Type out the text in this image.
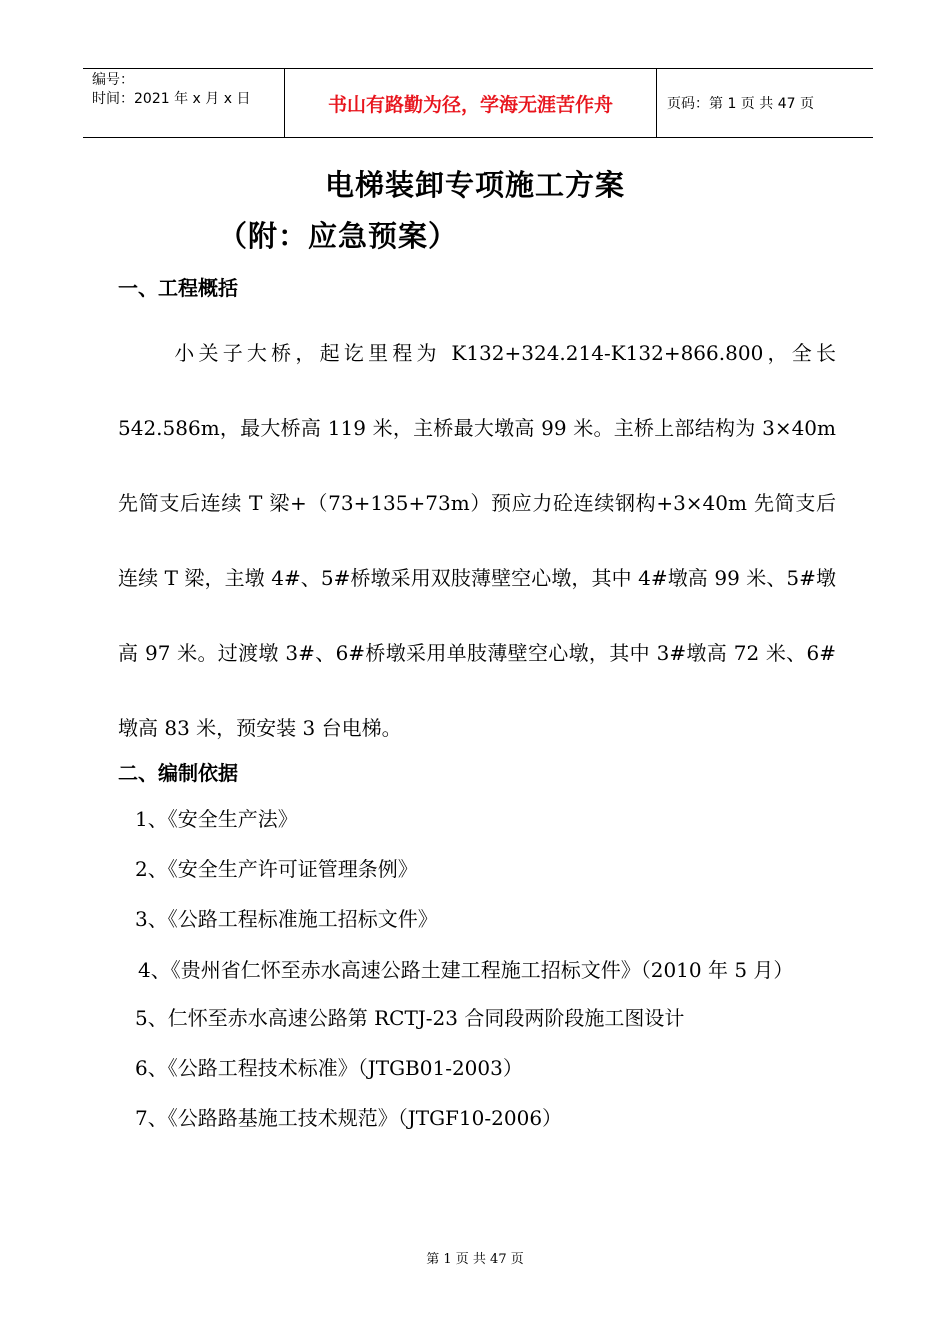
编号：
时间：2021 年 x 月 x 日	书山有路勤为径，学海无涯苦作舟	页码：第 1 页 共 47 页
电梯装卸专项施工方案
（附：应急预案）
一、工程概括
小关子大桥，起讫里程为 K132+324.214-K132+866.800，全长 542.586m，最大桥高 119 米，主桥最大墩高 99 米。主桥上部结构为 3×40m 先简支后连续 T 梁+（73+135+73m）预应力砼连续钢构+3×40m 先简支后连续 T 梁，主墩 4#、5#桥墩采用双肢薄壁空心墩，其中 4#墩高 99 米、5#墩高 97 米。过渡墩 3#、6#桥墩采用单肢薄壁空心墩，其中 3#墩高 72 米、6#墩高 83 米，预安装 3 台电梯。
二、编制依据
1、《安全生产法》
2、《安全生产许可证管理条例》
3、《公路工程标准施工招标文件》
4、《贵州省仁怀至赤水高速公路土建工程施工招标文件》（2010 年 5 月）
5、仁怀至赤水高速公路第 RCTJ-23 合同段两阶段施工图设计
6、《公路工程技术标准》（JTGB01-2003）
7、《公路路基施工技术规范》（JTGF10-2006）
第 1 页 共 47 页
